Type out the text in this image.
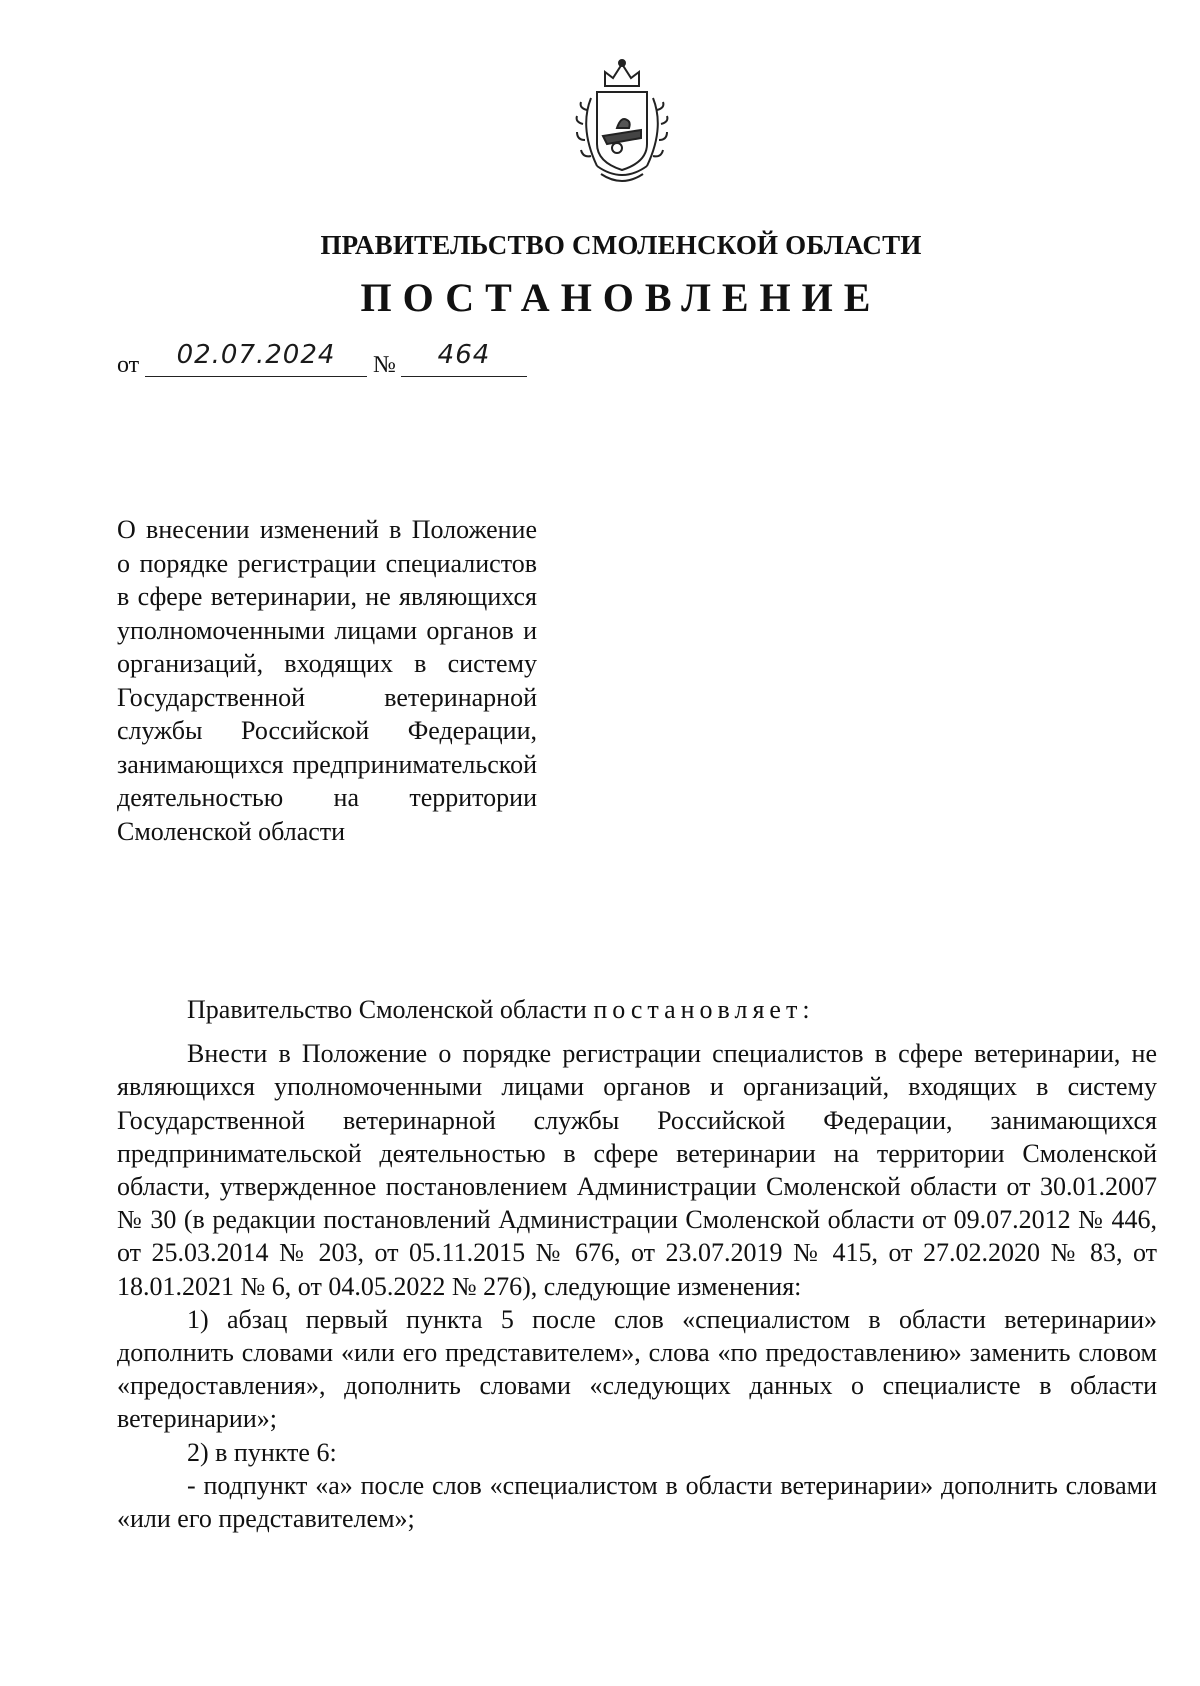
ПРАВИТЕЛЬСТВО СМОЛЕНСКОЙ ОБЛАСТИ
ПОСТАНОВЛЕНИЕ
от	02.07.2024	№	464

О внесении изменений в Положение о порядке регистрации специалистов в сфере ветеринарии, не являющихся уполномоченными лицами органов и организаций, входящих в систему Государственной ветеринарной службы Российской Федерации, занимающихся предпринимательской деятельностью на территории Смоленской области

Правительство Смоленской области постановляет:

Внести в Положение о порядке регистрации специалистов в сфере ветеринарии, не являющихся уполномоченными лицами органов и организаций, входящих в систему Государственной ветеринарной службы Российской Федерации, занимающихся предпринимательской деятельностью в сфере ветеринарии на территории Смоленской области, утвержденное постановлением Администрации Смоленской области от 30.01.2007 № 30 (в редакции постановлений Администрации Смоленской области от 09.07.2012 № 446, от 25.03.2014 № 203, от 05.11.2015 № 676, от 23.07.2019 № 415, от 27.02.2020 № 83, от 18.01.2021 № 6, от 04.05.2022 № 276), следующие изменения:

1) абзац первый пункта 5 после слов «специалистом в области ветеринарии» дополнить словами «или его представителем», слова «по предоставлению» заменить словом «предоставления», дополнить словами «следующих данных о специалисте в области ветеринарии»;

2) в пункте 6:

- подпункт «а» после слов «специалистом в области ветеринарии» дополнить словами «или его представителем»;
